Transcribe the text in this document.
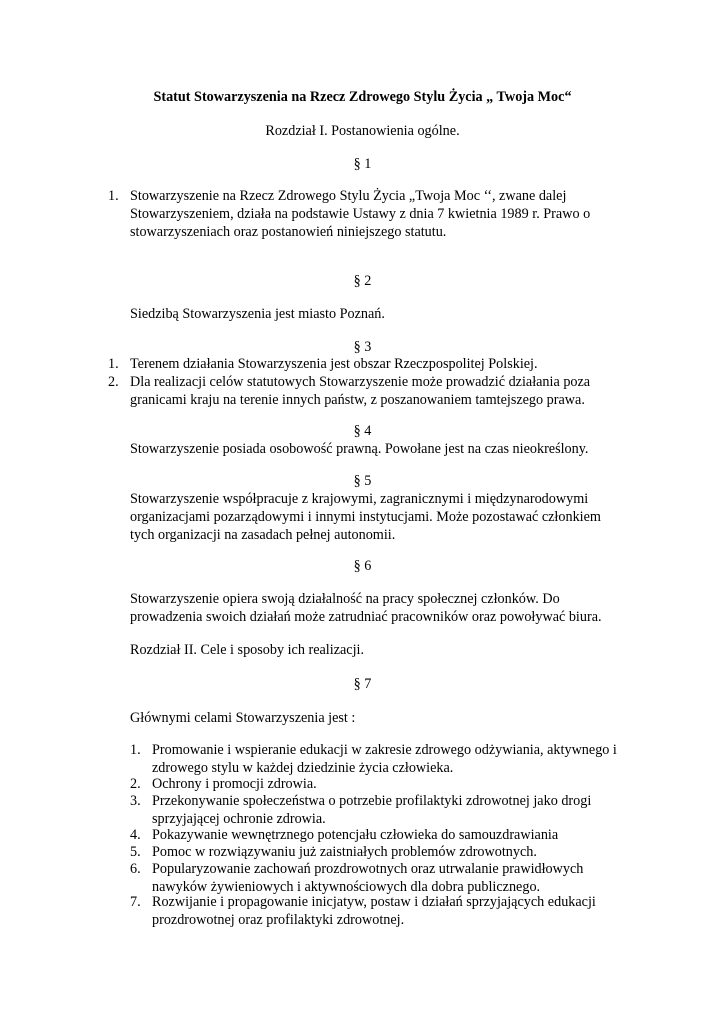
Statut Stowarzyszenia na Rzecz Zdrowego Stylu Życia „ Twoja Moc“
Rozdział I. Postanowienia ogólne.
§ 1
1. Stowarzyszenie na Rzecz Zdrowego Stylu Życia „Twoja Moc ‘‘, zwane dalej
Stowarzyszeniem, działa na podstawie Ustawy z dnia 7 kwietnia 1989 r. Prawo o
stowarzyszeniach oraz postanowień niniejszego statutu.
§ 2
Siedzibą Stowarzyszenia jest miasto Poznań.
§ 3
1. Terenem działania Stowarzyszenia jest obszar Rzeczpospolitej Polskiej.
2. Dla realizacji celów statutowych Stowarzyszenie może prowadzić działania poza
granicami kraju na terenie innych państw, z poszanowaniem tamtejszego prawa.
§ 4
Stowarzyszenie posiada osobowość prawną. Powołane jest na czas nieokreślony.
§ 5
Stowarzyszenie współpracuje z krajowymi, zagranicznymi i międzynarodowymi
organizacjami pozarządowymi i innymi instytucjami. Może pozostawać członkiem
tych organizacji na zasadach pełnej autonomii.
§ 6
Stowarzyszenie opiera swoją działalność na pracy społecznej członków. Do
prowadzenia swoich działań może zatrudniać pracowników oraz powoływać biura.
Rozdział II. Cele i sposoby ich realizacji.
§ 7
Głównymi celami Stowarzyszenia jest :
1. Promowanie i wspieranie edukacji w zakresie zdrowego odżywiania, aktywnego i
zdrowego stylu w każdej dziedzinie życia człowieka.
2. Ochrony i promocji zdrowia.
3. Przekonywanie społeczeństwa o potrzebie profilaktyki zdrowotnej jako drogi
sprzyjającej ochronie zdrowia.
4. Pokazywanie wewnętrznego potencjału człowieka do samouzdrawiania
5. Pomoc w rozwiązywaniu już zaistniałych problemów zdrowotnych.
6. Popularyzowanie zachowań prozdrowotnych oraz utrwalanie prawidłowych
nawyków żywieniowych i aktywnościowych dla dobra publicznego.
7. Rozwijanie i propagowanie inicjatyw, postaw i działań sprzyjających edukacji
prozdrowotnej oraz profilaktyki zdrowotnej.
